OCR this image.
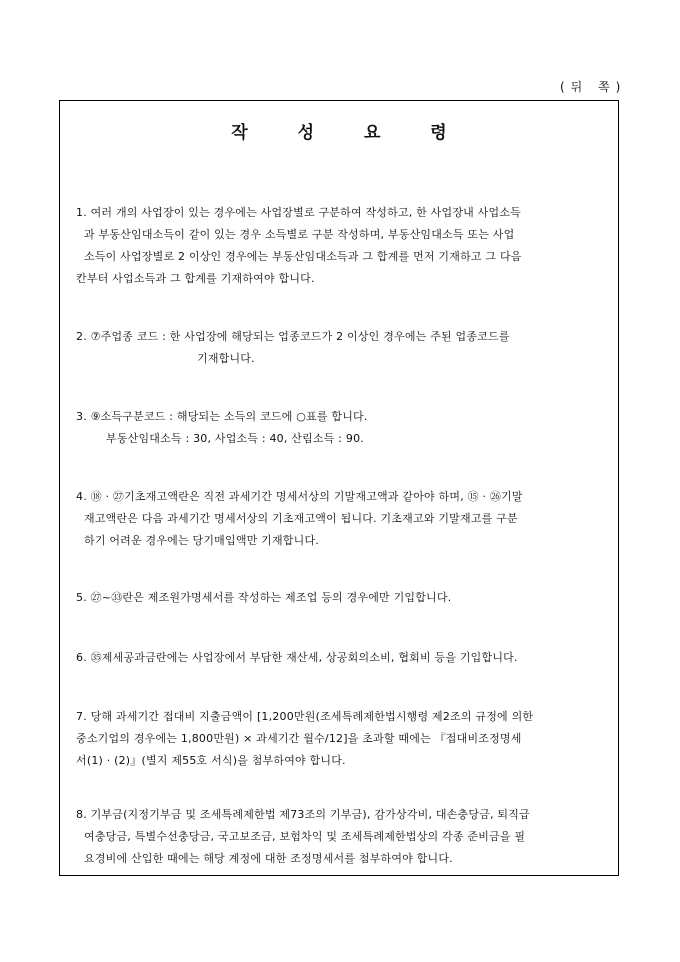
(뒤 쪽)
작 성 요 령
1. 여러 개의 사업장이 있는 경우에는 사업장별로 구분하여 작성하고, 한 사업장내 사업소득
과 부동산임대소득이 같이 있는 경우 소득별로 구분 작성하며, 부동산임대소득 또는 사업
소득이 사업장별로 2 이상인 경우에는 부동산임대소득과 그 합계를 먼저 기재하고 그 다음
칸부터 사업소득과 그 합계를 기재하여야 합니다.
2. ⑦주업종 코드 : 한 사업장에 해당되는 업종코드가 2 이상인 경우에는 주된 업종코드를
기재합니다.
3. ⑨소득구분코드 : 해당되는 소득의 코드에 ○표를 합니다.
부동산임대소득 : 30, 사업소득 : 40, 산림소득 : 90.
4. ⑱ · ㉗기초재고액란은 직전 과세기간 명세서상의 기말재고액과 같아야 하며, ⑮ · ㉖기말
재고액란은 다음 과세기간 명세서상의 기초재고액이 됩니다. 기초재고와 기말재고를 구분
하기 어려운 경우에는 당기매입액만 기재합니다.
5. ㉗~㉝란은 제조원가명세서를 작성하는 제조업 등의 경우에만 기입합니다.
6. ㉟제세공과금란에는 사업장에서 부담한 재산세, 상공회의소비, 협회비 등을 기입합니다.
7. 당해 과세기간 접대비 지출금액이 [1,200만원(조세특례제한법시행령 제2조의 규정에 의한
중소기업의 경우에는 1,800만원) × 과세기간 월수/12]을 초과할 때에는 『접대비조정명세
서(1) · (2)』(별지 제55호 서식)을 첨부하여야 합니다.
8. 기부금(지정기부금 및 조세특례제한법 제73조의 기부금), 감가상각비, 대손충당금, 퇴직급
여충당금, 특별수선충당금, 국고보조금, 보험차익 및 조세특례제한법상의 각종 준비금을 필
요경비에 산입한 때에는 해당 계정에 대한 조정명세서를 첨부하여야 합니다.
